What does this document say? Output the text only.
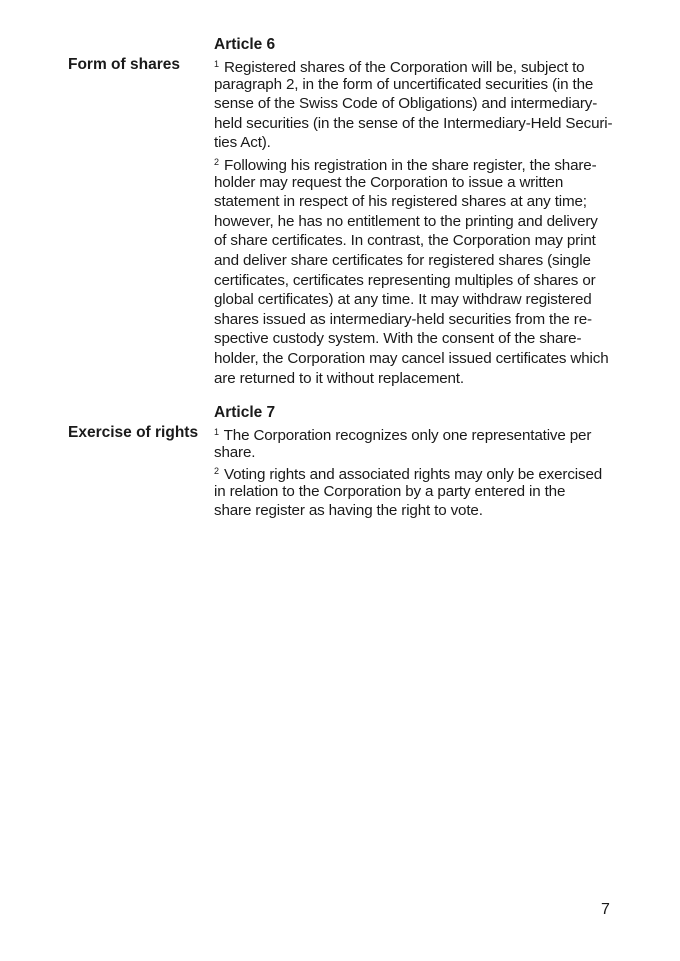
Article 6

Form of shares	$^1$ Registered shares of the Corporation will be, subject to

paragraph 2, in the form of uncertificated securities (in the

sense of the Swiss Code of Obligations) and intermediary-

held securities (in the sense of the Intermediary-Held Securi-

ties Act).

$^2$ Following his registration in the share register, the share-

holder may request the Corporation to issue a written

statement in respect of his registered shares at any time;

however, he has no entitlement to the printing and delivery

of share certificates. In contrast, the Corporation may print

and deliver share certificates for registered shares (single

certificates, certificates representing multiples of shares or

global certificates) at any time. It may withdraw registered

shares issued as intermediary-held securities from the re-

spective custody system. With the consent of the share-

holder, the Corporation may cancel issued certificates which

are returned to it without replacement.

Article 7

Exercise of rights $^1$ The Corporation recognizes only one representative per

share.

$^2$ Voting rights and associated rights may only be exercised

in relation to the Corporation by a party entered in the

share register as having the right to vote.

7
